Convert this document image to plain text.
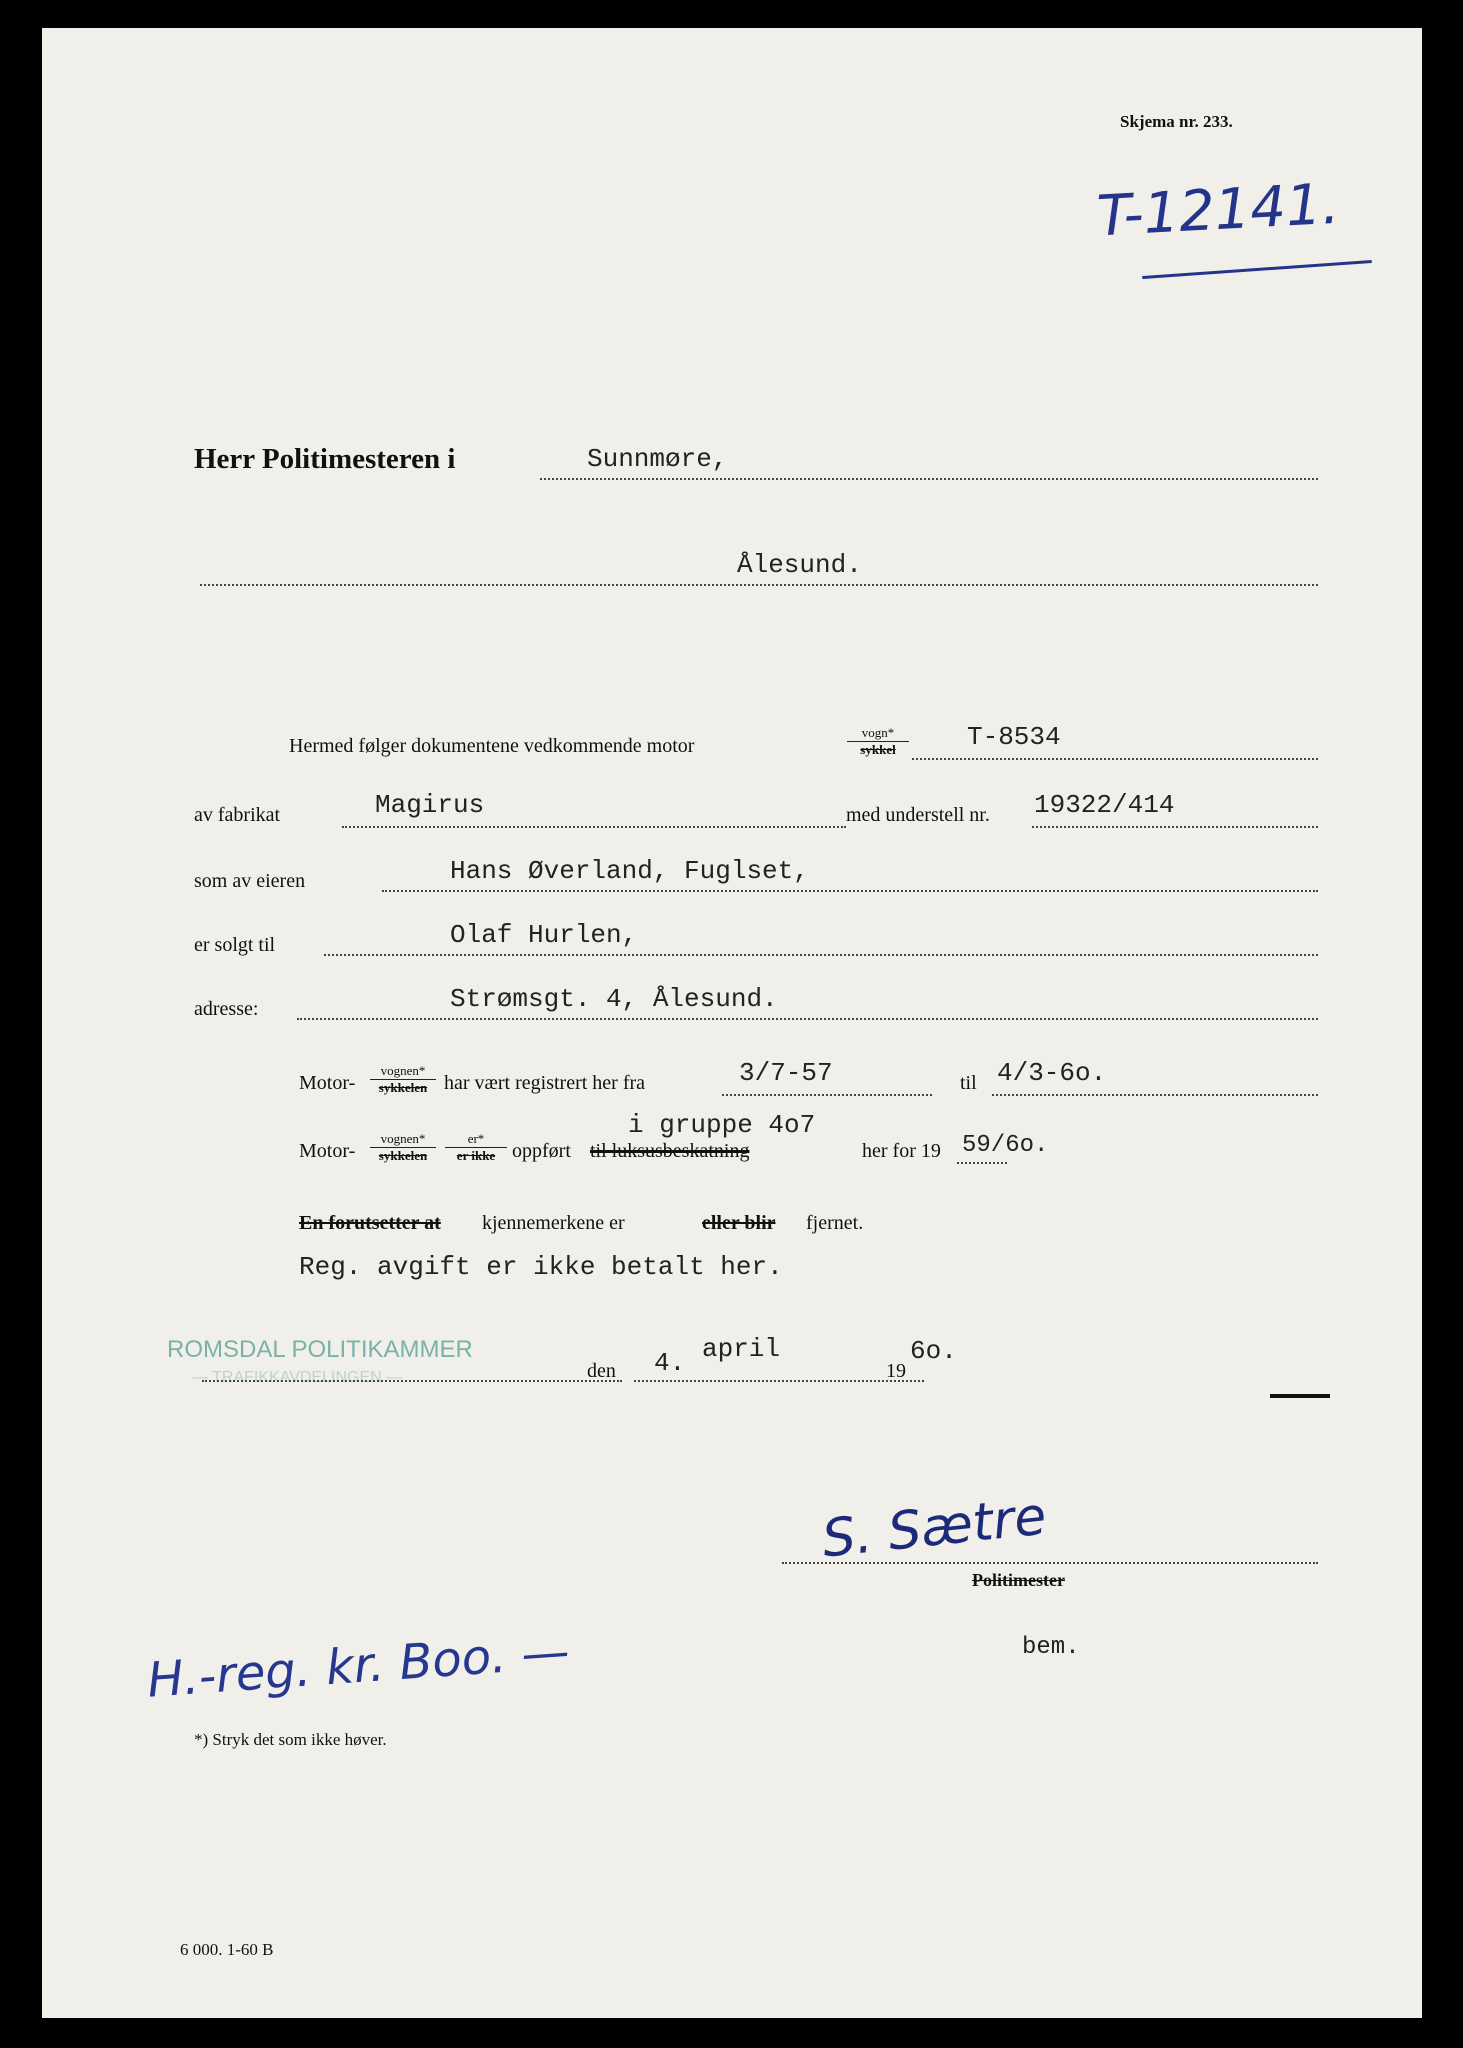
Skjema nr. 233.
T-12141.
Herr Politimesteren i	Sunnmøre,
Ålesund.
Hermed følger dokumentene vedkommende motor
vogn*
sykkel	T-8534
av fabrikat	Magirus	med understell nr. 19322/414
som av eieren	Hans Øverland, Fuglset,
er solgt til	Olaf Hurlen,
adresse:	Strømsgt. 4, Ålesund.
Motor-
vognen*
sykkelen har vært registrert her fra	3/7-57	til 4/3-6o.
i gruppe 4o7
Motor-
vognen*
sykkelen
er*
er ikke oppført til luksusbeskatning	her for 19 59/6o.
En forutsetter at kjennemerkene er	eller blir fjernet.
Reg. avgift er ikke betalt her.
ROMSDAL POLITIKAMMER
— TRAFIKKAVDELINGEN —	den 4. april
19
6o.
S. Sætre
Politimester
bem.
H.-reg. kr. Boo. —
*) Stryk det som ikke høver.
6 000. 1-60 B
